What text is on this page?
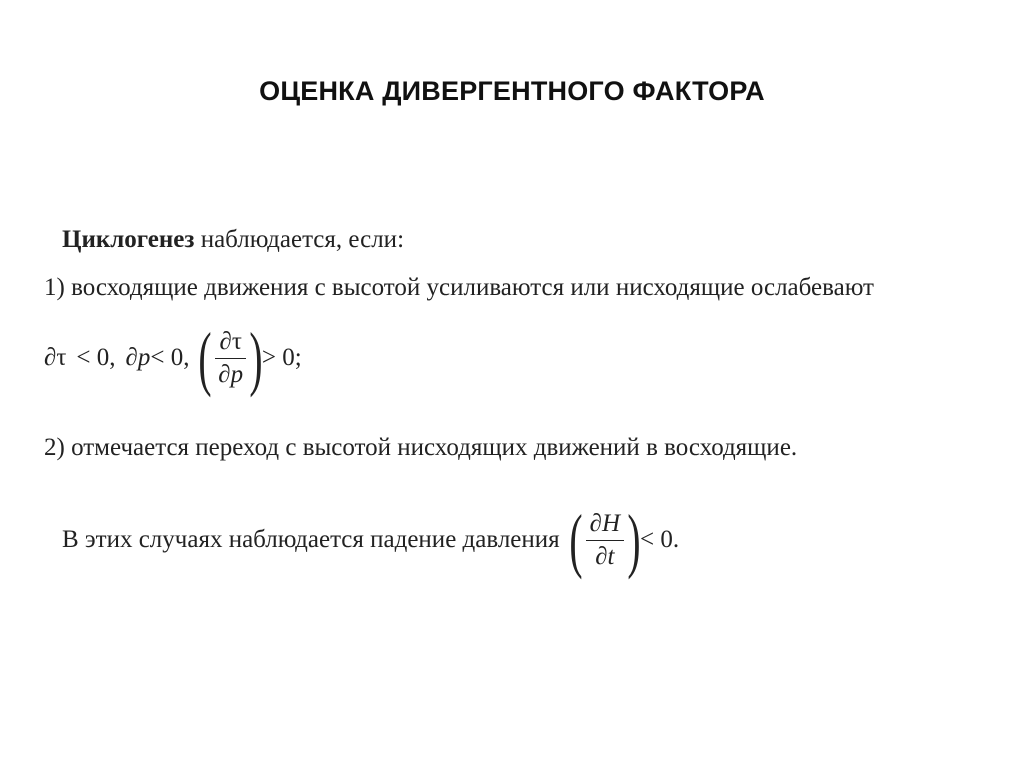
ОЦЕНКА ДИВЕРГЕНТНОГО ФАКТОРА
Циклогенез наблюдается, если:
1) восходящие движения с высотой усиливаются или нисходящие ослабевают
∂τ < 0, ∂p < 0, ( $\frac{\partial\tau}{\partial p}$ ) > 0;
2) отмечается переход с высотой нисходящих движений в восходящие.
В этих случаях наблюдается падение давления ( $\frac{\partial H}{\partial t}$ ) < 0.
